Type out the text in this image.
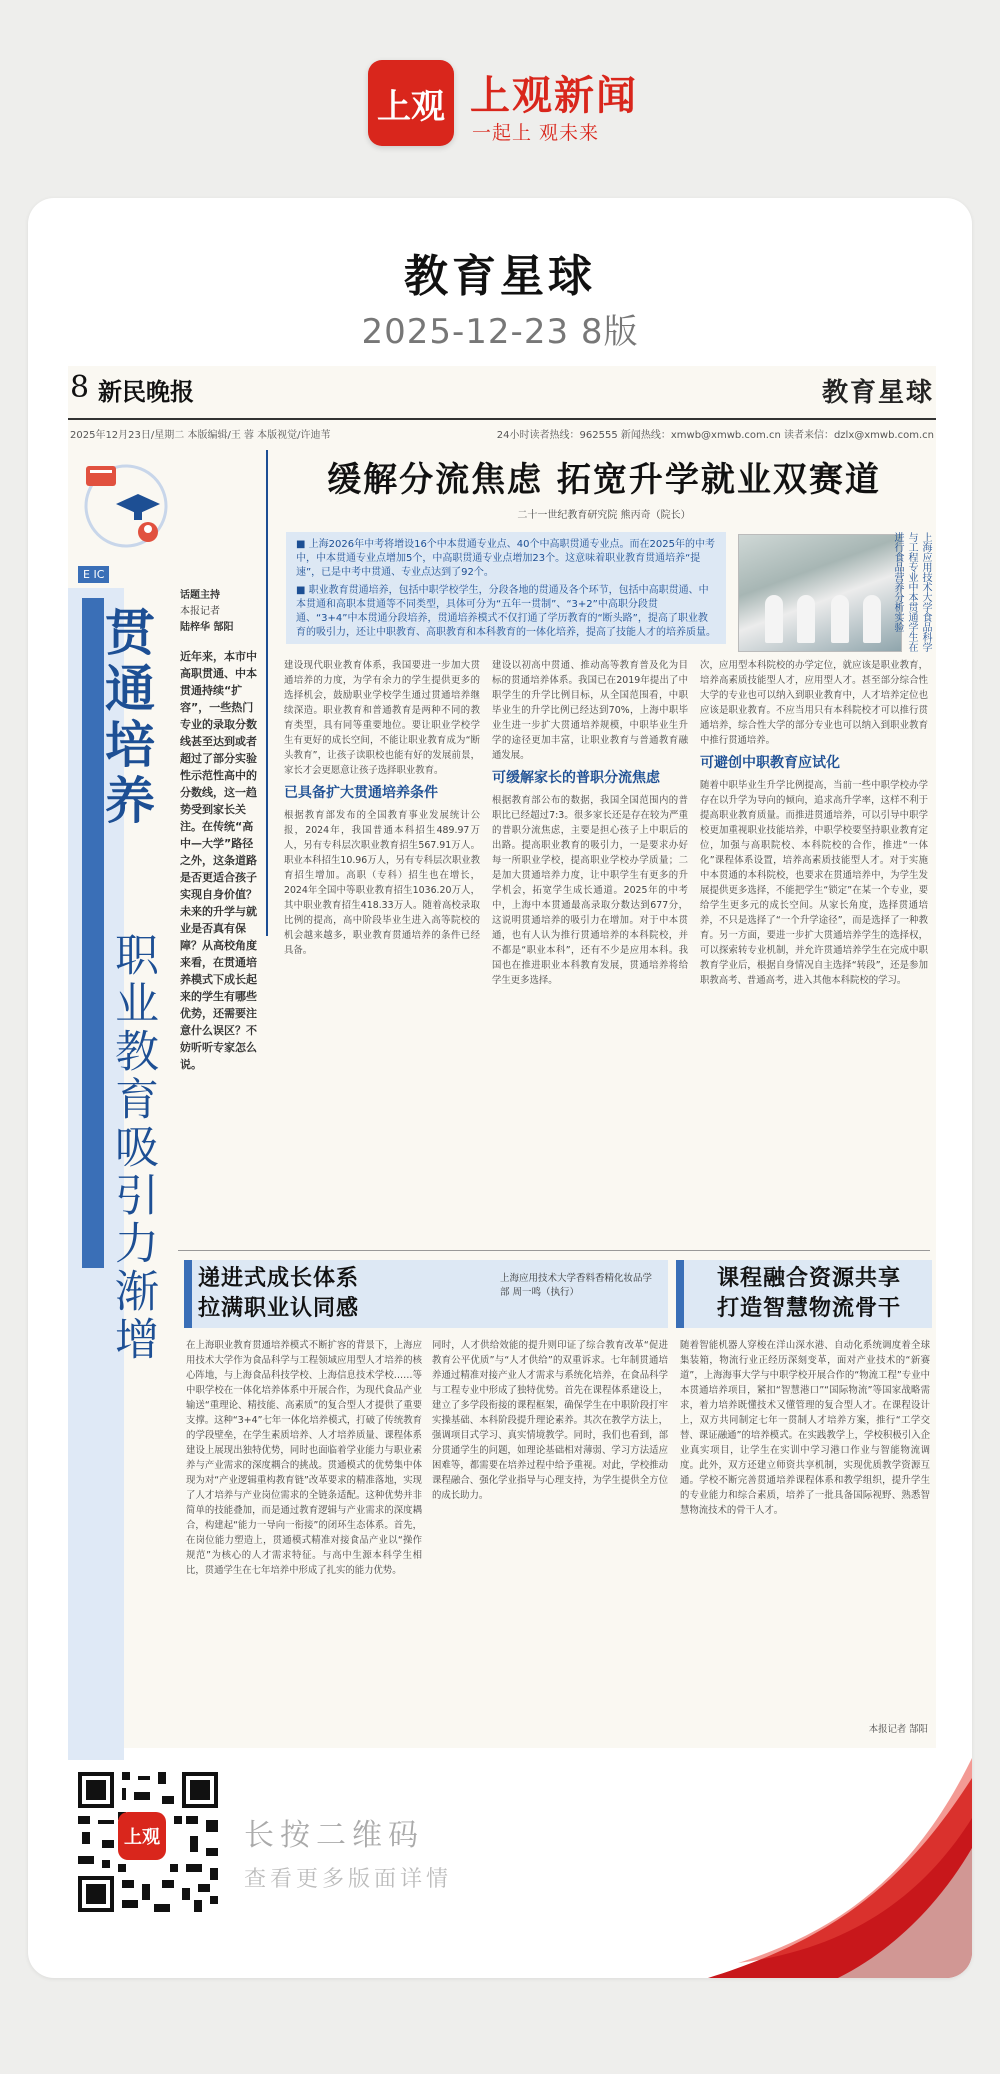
上观 上观新闻
一起上 观未来
教育星球
2025-12-23 8版
8 新民晚报	教育星球
2025年12月23日/星期二 本版编辑/王 蓉 本版视觉/许迪苇	24小时读者热线：962555 新闻热线：xmwb@xmwb.com.cn 读者来信：dzlx@xmwb.com.cn
E IC
贯通培养
职业教育吸引力渐增
话题主持
本报记者
陆梓华 郜阳
近年来，本市中高职贯通、中本贯通持续“扩容”，一些热门专业的录取分数线甚至达到或者超过了部分实验性示范性高中的分数线，这一趋势受到家长关注。在传统“高中—大学”路径之外，这条道路是否更适合孩子实现自身价值？未来的升学与就业是否真有保障？从高校角度来看，在贯通培养模式下成长起来的学生有哪些优势，还需要注意什么误区？不妨听听专家怎么说。
缓解分流焦虑 拓宽升学就业双赛道
二十一世纪教育研究院 熊丙奇（院长）

■ 上海2026年中考将增设16个中本贯通专业点、40个中高职贯通专业点。而在2025年的中考中，中本贯通专业点增加5个，中高职贯通专业点增加23个。这意味着职业教育贯通培养“提速”，已是中考中贯通、专业点达到了92个。

■ 职业教育贯通培养，包括中职学校学生，分段各地的贯通及各个环节，包括中高职贯通、中本贯通和高职本贯通等不同类型，具体可分为“五年一贯制”、“3+2”中高职分段贯通、“3+4”中本贯通分段培养，贯通培养模式不仅打通了学历教育的“断头路”，提高了职业教育的吸引力，还让中职教育、高职教育和本科教育的一体化培养，提高了技能人才的培养质量。	上海应用技术大学食品科学与工程专业中本贯通学生在进行食品营养分析实验
建设现代职业教育体系，我国要进一步加大贯通培养的力度，为学有余力的学生提供更多的选择机会，鼓励职业学校学生通过贯通培养继续深造。职业教育和普通教育是两种不同的教育类型，具有同等重要地位。要让职业学校学生有更好的成长空间，不能让职业教育成为“断头教育”，让孩子读职校也能有好的发展前景，家长才会更愿意让孩子选择职业教育。
已具备扩大贯通培养条件
根据教育部发布的全国教育事业发展统计公报，2024年，我国普通本科招生489.97万人，另有专科层次职业教育招生567.91万人。职业本科招生10.96万人，另有专科层次职业教育招生增加。高职（专科）招生也在增长，2024年全国中等职业教育招生1036.20万人，其中职业教育招生418.33万人。随着高校录取比例的提高，高中阶段毕业生进入高等院校的机会越来越多，职业教育贯通培养的条件已经具备。
建设以初高中贯通、推动高等教育普及化为目标的贯通培养体系。我国已在2019年提出了中职学生的升学比例目标，从全国范围看，中职毕业生的升学比例已经达到70%，上海中职毕业生进一步扩大贯通培养规模，中职毕业生升学的途径更加丰富，让职业教育与普通教育融通发展。
可缓解家长的普职分流焦虑
根据教育部公布的数据，我国全国范围内的普职比已经超过7:3。很多家长还是存在较为严重的普职分流焦虑，主要是担心孩子上中职后的出路。提高职业教育的吸引力，一是要求办好每一所职业学校，提高职业学校办学质量；二是加大贯通培养力度，让中职学生有更多的升学机会，拓宽学生成长通道。2025年的中考中，上海中本贯通最高录取分数达到677分，这说明贯通培养的吸引力在增加。对于中本贯通，也有人认为推行贯通培养的本科院校，并不都是“职业本科”，还有不少是应用本科。我国也在推进职业本科教育发展，贯通培养将给学生更多选择。
次，应用型本科院校的办学定位，就应该是职业教育，培养高素质技能型人才，应用型人才。甚至部分综合性大学的专业也可以纳入到职业教育中，人才培养定位也应该是职业教育。不应当用只有本科院校才可以推行贯通培养，综合性大学的部分专业也可以纳入到职业教育中推行贯通培养。
可避创中职教育应试化
随着中职毕业生升学比例提高，当前一些中职学校办学存在以升学为导向的倾向，追求高升学率，这样不利于提高职业教育质量。而推进贯通培养，可以引导中职学校更加重视职业技能培养，中职学校要坚持职业教育定位，加强与高职院校、本科院校的合作，推进“一体化”课程体系设置，培养高素质技能型人才。对于实施中本贯通的本科院校，也要求在贯通培养中，为学生发展提供更多选择，不能把学生“锁定”在某一个专业，要给学生更多元的成长空间。从家长角度，选择贯通培养，不只是选择了“一个升学途径”，而是选择了一种教育。另一方面，要进一步扩大贯通培养学生的选择权，可以探索转专业机制，并允许贯通培养学生在完成中职教育学业后，根据自身情况自主选择“转段”，还是参加职教高考、普通高考，进入其他本科院校的学习。
递进式成长体系
拉满职业认同感
上海应用技术大学香料香精化妆品学部 周一鸣（执行）
在上海职业教育贯通培养模式不断扩容的背景下，上海应用技术大学作为食品科学与工程领域应用型人才培养的核心阵地，与上海食品科技学校、上海信息技术学校……等中职学校在一体化培养体系中开展合作，为现代食品产业输送“重理论、精技能、高素质”的复合型人才提供了重要支撑。这种“3+4”七年一体化培养模式，打破了传统教育的学段壁垒，在学生素质培养、人才培养质量、课程体系建设上展现出独特优势，同时也面临着学业能力与职业素养与产业需求的深度耦合的挑战。贯通模式的优势集中体现为对“产业逻辑重构教育链”改革要求的精准落地，实现了人才培养与产业岗位需求的全链条适配。这种优势并非简单的技能叠加，而是通过教育逻辑与产业需求的深度耦合，构建起“能力一导向一衔接”的闭环生态体系。首先，在岗位能力塑造上，贯通模式精准对接食品产业以“操作规范”为核心的人才需求特征。与高中生源本科学生相比，贯通学生在七年培养中形成了扎实的能力优势。
同时，人才供给效能的提升则印证了综合教育改革“促进教育公平优质”与“人才供给”的双重诉求。七年制贯通培养通过精准对接产业人才需求与系统化培养，在食品科学与工程专业中形成了独特优势。首先在课程体系建设上，建立了多学段衔接的课程框架，确保学生在中职阶段打牢实操基础、本科阶段提升理论素养。其次在教学方法上，强调项目式学习、真实情境教学。同时，我们也看到，部分贯通学生的问题，如理论基础相对薄弱、学习方法适应困难等，都需要在培养过程中给予重视。对此，学校推动课程融合、强化学业指导与心理支持，为学生提供全方位的成长助力。
课程融合资源共享
打造智慧物流骨干
随着智能机器人穿梭在洋山深水港、自动化系统调度着全球集装箱，物流行业正经历深刻变革，面对产业技术的“新赛道”，上海海事大学与中职学校开展合作的“物流工程”专业中本贯通培养项目，紧扣“智慧港口”“国际物流”等国家战略需求，着力培养既懂技术又懂管理的复合型人才。在课程设计上，双方共同制定七年一贯制人才培养方案，推行“工学交替、课证融通”的培养模式。在实践教学上，学校积极引入企业真实项目，让学生在实训中学习港口作业与智能物流调度。此外，双方还建立师资共享机制，实现优质教学资源互通。学校不断完善贯通培养课程体系和教学组织，提升学生的专业能力和综合素质，培养了一批具备国际视野、熟悉智慧物流技术的骨干人才。
本报记者 郜阳
上观	长按二维码
查看更多版面详情
